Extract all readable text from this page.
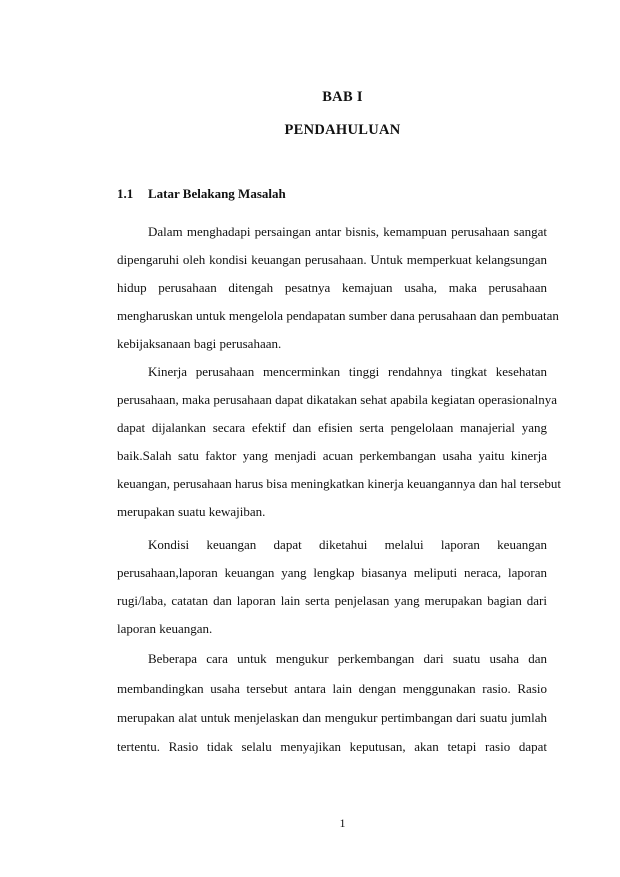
BAB I
PENDAHULUAN
1.1 Latar Belakang Masalah
Dalam menghadapi persaingan antar bisnis, kemampuan perusahaan sangat
dipengaruhi oleh kondisi keuangan perusahaan. Untuk memperkuat kelangsungan
hidup perusahaan ditengah pesatnya kemajuan usaha, maka perusahaan
mengharuskan untuk mengelola pendapatan sumber dana perusahaan dan pembuatan
kebijaksanaan bagi perusahaan.
Kinerja perusahaan mencerminkan tinggi rendahnya tingkat kesehatan
perusahaan, maka perusahaan dapat dikatakan sehat apabila kegiatan operasionalnya
dapat dijalankan secara efektif dan efisien serta pengelolaan manajerial yang
baik.Salah satu faktor yang menjadi acuan perkembangan usaha yaitu kinerja
keuangan, perusahaan harus bisa meningkatkan kinerja keuangannya dan hal tersebut
merupakan suatu kewajiban.
Kondisi keuangan dapat diketahui melalui laporan keuangan
perusahaan,laporan keuangan yang lengkap biasanya meliputi neraca, laporan
rugi/laba, catatan dan laporan lain serta penjelasan yang merupakan bagian dari
laporan keuangan.
Beberapa cara untuk mengukur perkembangan dari suatu usaha dan
membandingkan usaha tersebut antara lain dengan menggunakan rasio. Rasio
merupakan alat untuk menjelaskan dan mengukur pertimbangan dari suatu jumlah
tertentu. Rasio tidak selalu menyajikan keputusan, akan tetapi rasio dapat
1
